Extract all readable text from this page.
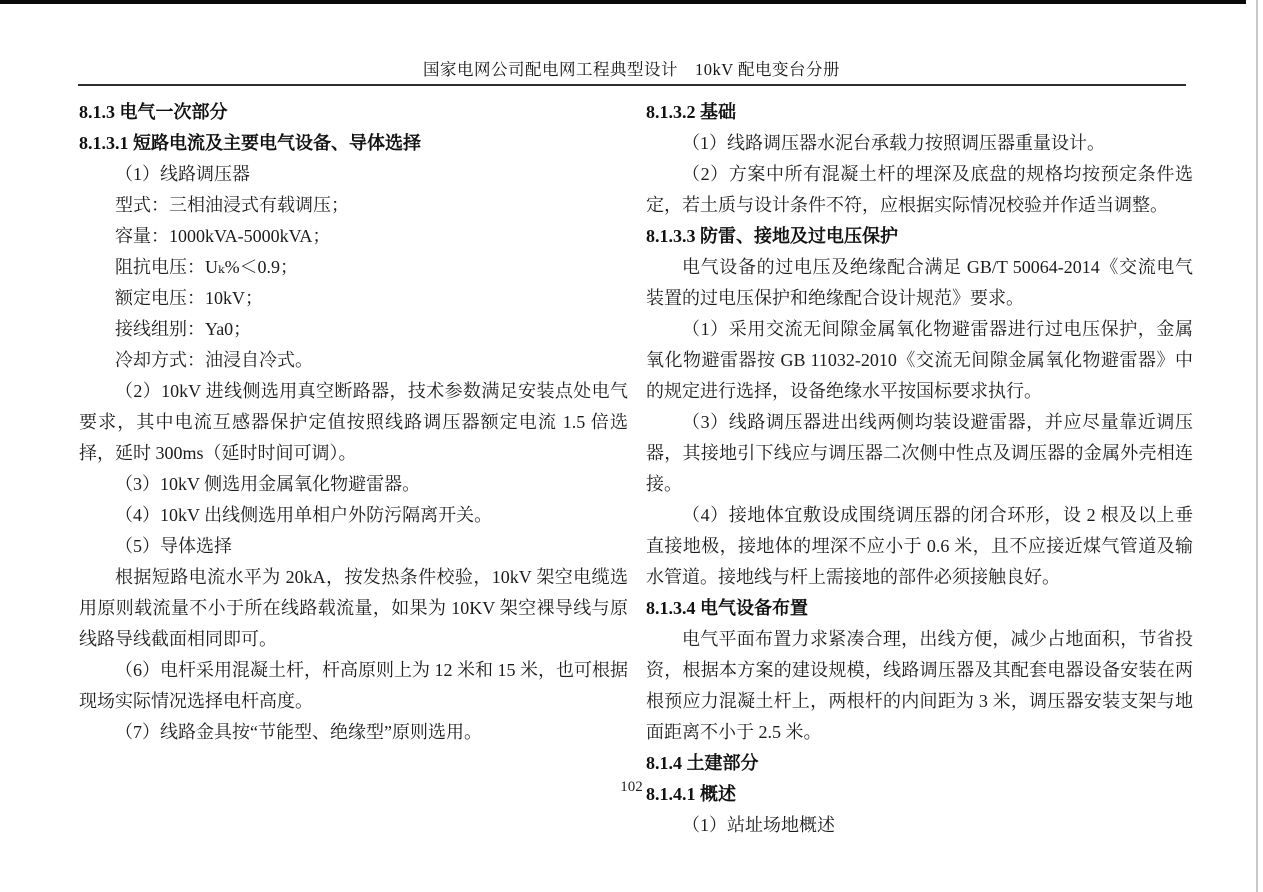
国家电网公司配电网工程典型设计　10kV 配电变台分册

8.1.3 电气一次部分

8.1.3.1 短路电流及主要电气设备、导体选择

（1）线路调压器

型式：三相油浸式有载调压；

容量：1000kVA-5000kVA；

阻抗电压：Uₖ%＜0.9；

额定电压：10kV；

接线组别：Ya0；

冷却方式：油浸自冷式。

（2）10kV 进线侧选用真空断路器，技术参数满足安装点处电气要求，其中电流互感器保护定值按照线路调压器额定电流 1.5 倍选择，延时 300ms（延时时间可调）。

（3）10kV 侧选用金属氧化物避雷器。

（4）10kV 出线侧选用单相户外防污隔离开关。

（5）导体选择

根据短路电流水平为 20kA，按发热条件校验，10kV 架空电缆选用原则载流量不小于所在线路载流量，如果为 10KV 架空裸导线与原线路导线截面相同即可。

（6）电杆采用混凝土杆，杆高原则上为 12 米和 15 米，也可根据现场实际情况选择电杆高度。

（7）线路金具按“节能型、绝缘型”原则选用。

8.1.3.2 基础

（1）线路调压器水泥台承载力按照调压器重量设计。

（2）方案中所有混凝土杆的埋深及底盘的规格均按预定条件选定，若土质与设计条件不符，应根据实际情况校验并作适当调整。

8.1.3.3 防雷、接地及过电压保护

电气设备的过电压及绝缘配合满足 GB/T 50064-2014《交流电气装置的过电压保护和绝缘配合设计规范》要求。

（1）采用交流无间隙金属氧化物避雷器进行过电压保护，金属氧化物避雷器按 GB 11032-2010《交流无间隙金属氧化物避雷器》中的规定进行选择，设备绝缘水平按国标要求执行。

（3）线路调压器进出线两侧均装设避雷器，并应尽量靠近调压器，其接地引下线应与调压器二次侧中性点及调压器的金属外壳相连接。

（4）接地体宜敷设成围绕调压器的闭合环形，设 2 根及以上垂直接地极，接地体的埋深不应小于 0.6 米，且不应接近煤气管道及输水管道。接地线与杆上需接地的部件必须接触良好。

8.1.3.4 电气设备布置

电气平面布置力求紧凑合理，出线方便，减少占地面积，节省投资，根据本方案的建设规模，线路调压器及其配套电器设备安装在两根预应力混凝土杆上，两根杆的内间距为 3 米，调压器安装支架与地面距离不小于 2.5 米。

8.1.4 土建部分

8.1.4.1 概述

（1）站址场地概述

102
